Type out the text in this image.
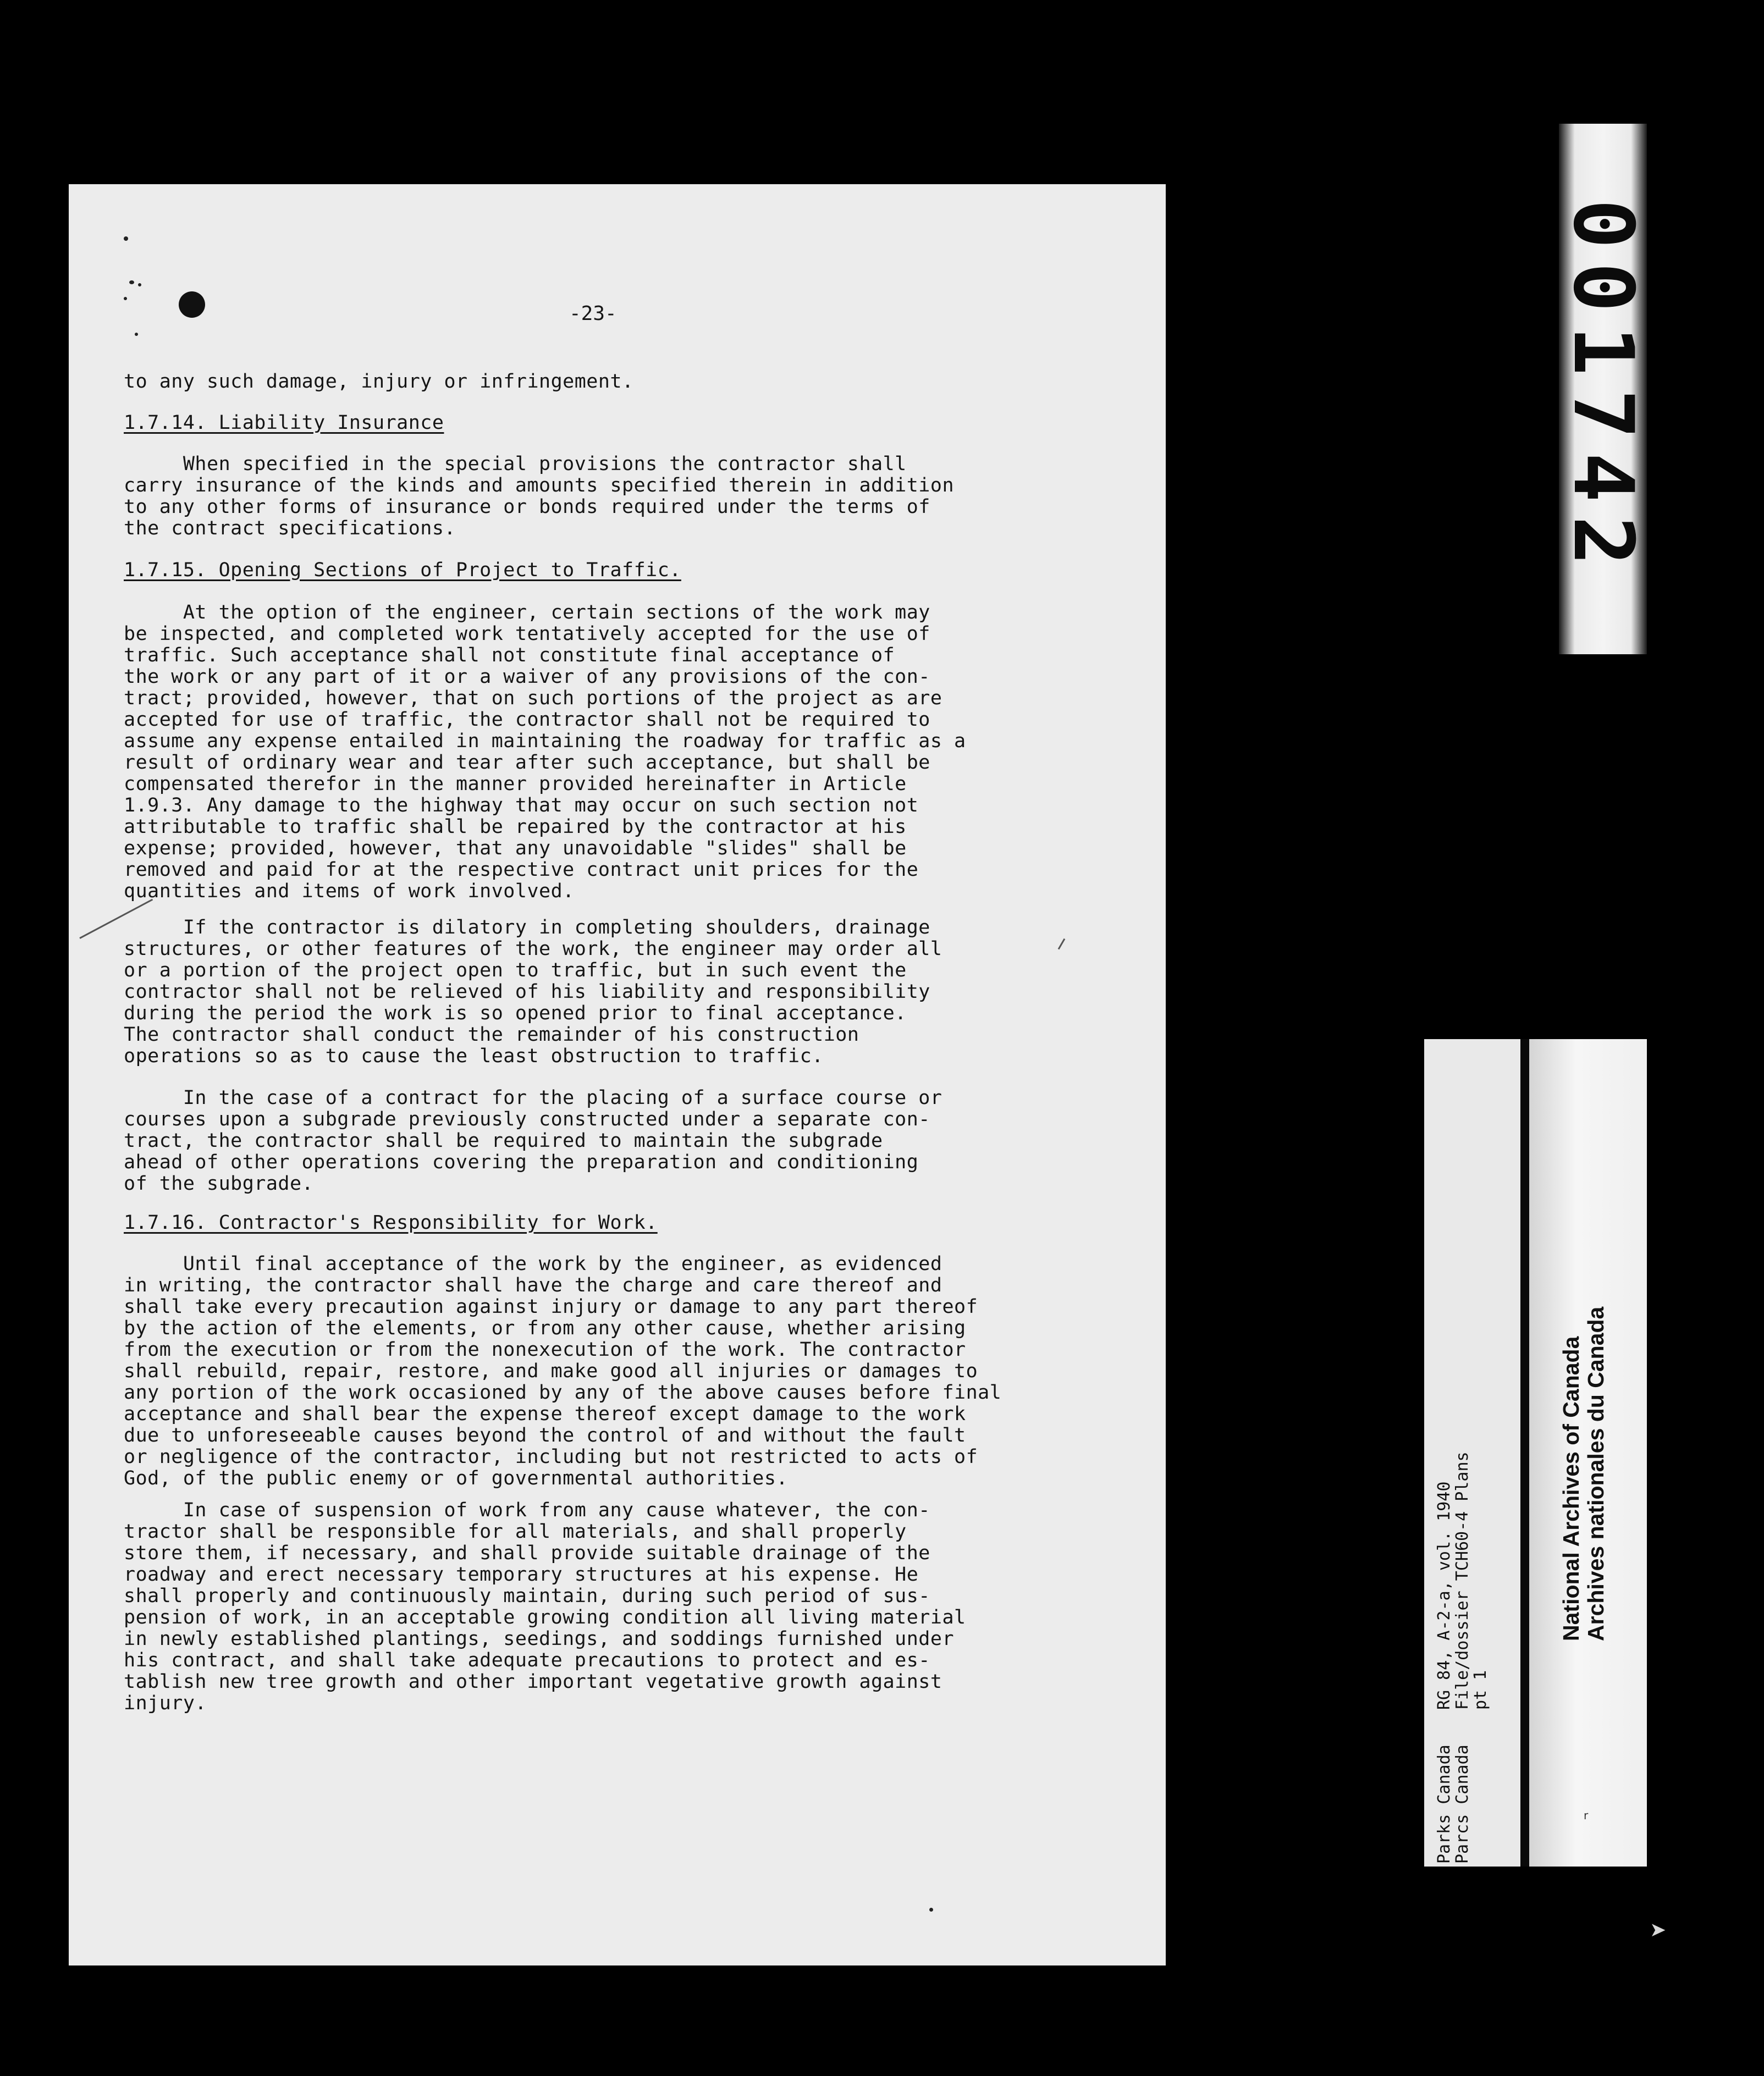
-23-

to any such damage, injury or infringement.

1.7.14. Liability Insurance

When specified in the special provisions the contractor shall
carry insurance of the kinds and amounts specified therein in addition
to any other forms of insurance or bonds required under the terms of
the contract specifications.

1.7.15. Opening Sections of Project to Traffic.

At the option of the engineer, certain sections of the work may
be inspected, and completed work tentatively accepted for the use of
traffic. Such acceptance shall not constitute final acceptance of
the work or any part of it or a waiver of any provisions of the con-
tract; provided, however, that on such portions of the project as are
accepted for use of traffic, the contractor shall not be required to
assume any expense entailed in maintaining the roadway for traffic as a
result of ordinary wear and tear after such acceptance, but shall be
compensated therefor in the manner provided hereinafter in Article
1.9.3. Any damage to the highway that may occur on such section not
attributable to traffic shall be repaired by the contractor at his
expense; provided, however, that any unavoidable "slides" shall be
removed and paid for at the respective contract unit prices for the
quantities and items of work involved.

If the contractor is dilatory in completing shoulders, drainage
structures, or other features of the work, the engineer may order all
or a portion of the project open to traffic, but in such event the
contractor shall not be relieved of his liability and responsibility
during the period the work is so opened prior to final acceptance.
The contractor shall conduct the remainder of his construction
operations so as to cause the least obstruction to traffic.

In the case of a contract for the placing of a surface course or
courses upon a subgrade previously constructed under a separate con-
tract, the contractor shall be required to maintain the subgrade
ahead of other operations covering the preparation and conditioning
of the subgrade.

1.7.16. Contractor's Responsibility for Work.

Until final acceptance of the work by the engineer, as evidenced
in writing, the contractor shall have the charge and care thereof and
shall take every precaution against injury or damage to any part thereof
by the action of the elements, or from any other cause, whether arising
from the execution or from the nonexecution of the work. The contractor
shall rebuild, repair, restore, and make good all injuries or damages to
any portion of the work occasioned by any of the above causes before final
acceptance and shall bear the expense thereof except damage to the work
due to unforeseeable causes beyond the control of and without the fault
or negligence of the contractor, including but not restricted to acts of
God, of the public enemy or of governmental authorities.

In case of suspension of work from any cause whatever, the con-
tractor shall be responsible for all materials, and shall properly
store them, if necessary, and shall provide suitable drainage of the
roadway and erect necessary temporary structures at his expense. He
shall properly and continuously maintain, during such period of sus-
pension of work, in an acceptable growing condition all living material
in newly established plantings, seedings, and soddings furnished under
his contract, and shall take adequate precautions to protect and es-
tablish new tree growth and other important vegetative growth against
injury.

001742
RG 84, A-2-a, vol. 1940
File/dossier TCH60-4 Plans
pt 1
Parks Canada
Parcs Canada
National Archives of Canada
Archives nationales du Canada
r
➤
